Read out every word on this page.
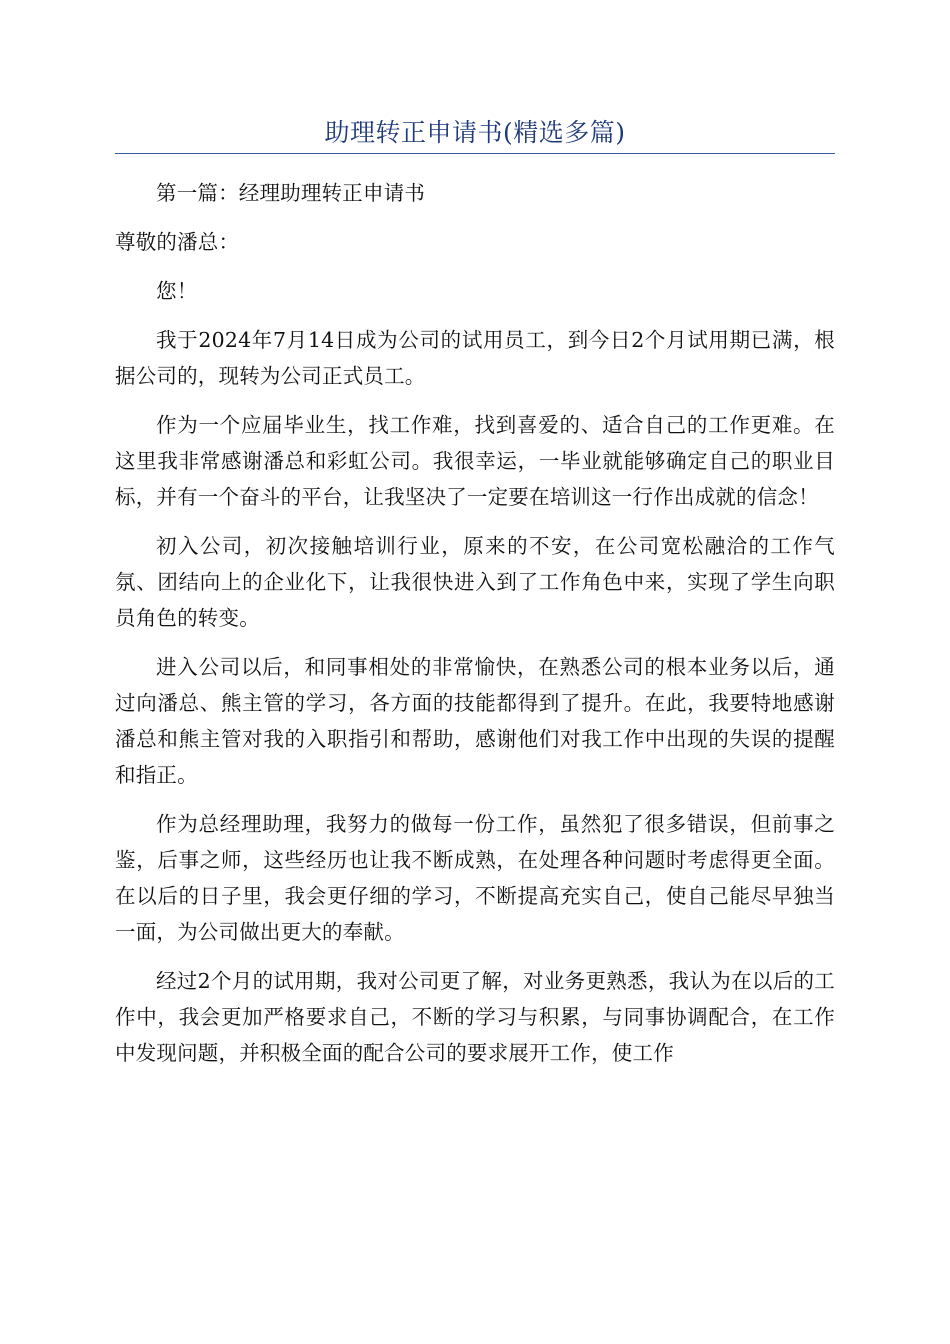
助理转正申请书(精选多篇)

第一篇：经理助理转正申请书

尊敬的潘总：

您！

我于2024年7月14日成为公司的试用员工，到今日2个月试用期已满，根据公司的，现转为公司正式员工。

作为一个应届毕业生，找工作难，找到喜爱的、适合自己的工作更难。在这里我非常感谢潘总和彩虹公司。我很幸运，一毕业就能够确定自己的职业目标，并有一个奋斗的平台，让我坚决了一定要在培训这一行作出成就的信念！

初入公司，初次接触培训行业，原来的不安，在公司宽松融洽的工作气氛、团结向上的企业化下，让我很快进入到了工作角色中来，实现了学生向职员角色的转变。

进入公司以后，和同事相处的非常愉快，在熟悉公司的根本业务以后，通过向潘总、熊主管的学习，各方面的技能都得到了提升。在此，我要特地感谢潘总和熊主管对我的入职指引和帮助，感谢他们对我工作中出现的失误的提醒和指正。

作为总经理助理，我努力的做每一份工作，虽然犯了很多错误，但前事之鉴，后事之师，这些经历也让我不断成熟，在处理各种问题时考虑得更全面。在以后的日子里，我会更仔细的学习，不断提高充实自己，使自己能尽早独当一面，为公司做出更大的奉献。

经过2个月的试用期，我对公司更了解，对业务更熟悉，我认为在以后的工作中，我会更加严格要求自己，不断的学习与积累，与同事协调配合，在工作中发现问题，并积极全面的配合公司的要求展开工作，使工作
